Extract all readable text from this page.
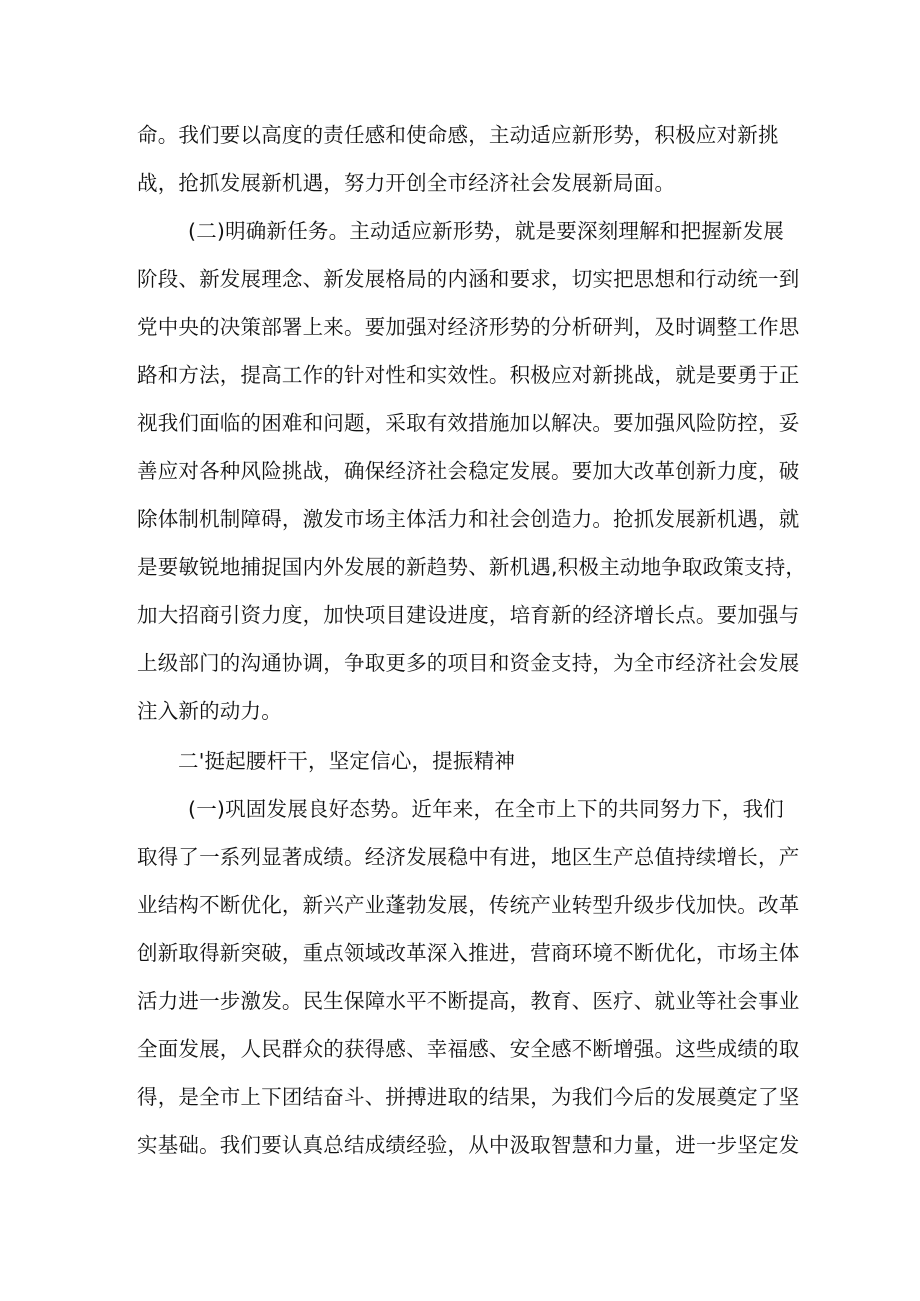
命。我们要以高度的责任感和使命感，主动适应新形势，积极应对新挑
战，抢抓发展新机遇，努力开创全市经济社会发展新局面。
(二)明确新任务。主动适应新形势，就是要深刻理解和把握新发展
阶段、新发展理念、新发展格局的内涵和要求，切实把思想和行动统一到
党中央的决策部署上来。要加强对经济形势的分析研判，及时调整工作思
路和方法，提高工作的针对性和实效性。积极应对新挑战，就是要勇于正
视我们面临的困难和问题，采取有效措施加以解决。要加强风险防控，妥
善应对各种风险挑战，确保经济社会稳定发展。要加大改革创新力度，破
除体制机制障碍，激发市场主体活力和社会创造力。抢抓发展新机遇，就
是要敏锐地捕捉国内外发展的新趋势、新机遇,积极主动地争取政策支持，
加大招商引资力度，加快项目建设进度，培育新的经济增长点。要加强与
上级部门的沟通协调，争取更多的项目和资金支持，为全市经济社会发展
注入新的动力。
二'挺起腰杆干，坚定信心，提振精神
(一)巩固发展良好态势。近年来，在全市上下的共同努力下，我们
取得了一系列显著成绩。经济发展稳中有进，地区生产总值持续增长，产
业结构不断优化，新兴产业蓬勃发展，传统产业转型升级步伐加快。改革
创新取得新突破，重点领域改革深入推进，营商环境不断优化，市场主体
活力进一步激发。民生保障水平不断提高，教育、医疗、就业等社会事业
全面发展，人民群众的获得感、幸福感、安全感不断增强。这些成绩的取
得，是全市上下团结奋斗、拼搏进取的结果，为我们今后的发展奠定了坚
实基础。我们要认真总结成绩经验，从中汲取智慧和力量，进一步坚定发
